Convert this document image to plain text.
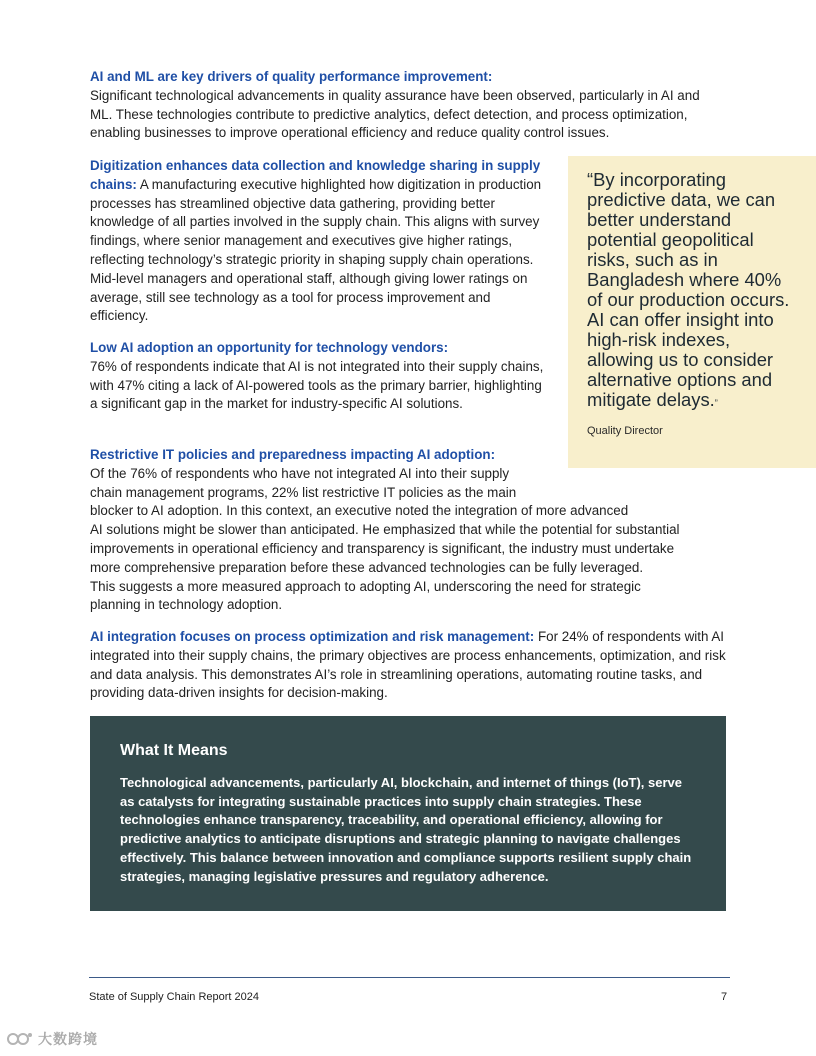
AI and ML are key drivers of quality performance improvement:
Significant technological advancements in quality assurance have been observed, particularly in AI and
ML. These technologies contribute to predictive analytics, defect detection, and process optimization,
enabling businesses to improve operational efficiency and reduce quality control issues.

Digitization enhances data collection and knowledge sharing in supply chains: A manufacturing executive highlighted how digitization in production processes has streamlined objective data gathering, providing better knowledge of all parties involved in the supply chain. This aligns with survey findings, where senior management and executives give higher ratings, reflecting technology’s strategic priority in shaping supply chain operations. Mid-level managers and operational staff, although giving lower ratings on average, still see technology as a tool for process improvement and efficiency.

Low AI adoption an opportunity for technology vendors:
76% of respondents indicate that AI is not integrated into their supply chains, with 47% citing a lack of AI-powered tools as the primary barrier, highlighting a significant gap in the market for industry-specific AI solutions.

Restrictive IT policies and preparedness impacting AI adoption:
Of the 76% of respondents who have not integrated AI into their supply
chain management programs, 22% list restrictive IT policies as the main
blocker to AI adoption. In this context, an executive noted the integration of more advanced
AI solutions might be slower than anticipated. He emphasized that while the potential for substantial
improvements in operational efficiency and transparency is significant, the industry must undertake
more comprehensive preparation before these advanced technologies can be fully leveraged.
This suggests a more measured approach to adopting AI, underscoring the need for strategic
planning in technology adoption.

AI integration focuses on process optimization and risk management: For 24% of respondents with AI integrated into their supply chains, the primary objectives are process enhancements, optimization, and risk and data analysis. This demonstrates AI’s role in streamlining operations, automating routine tasks, and providing data-driven insights for decision-making.

“By incorporating predictive data, we can better understand potential geopolitical risks, such as in Bangladesh where 40% of our production occurs. AI can offer insight into high-risk indexes, allowing us to consider alternative options and mitigate delays.”

Quality Director
What It Means

Technological advancements, particularly AI, blockchain, and internet of things (IoT), serve as catalysts for integrating sustainable practices into supply chain strategies. These technologies enhance transparency, traceability, and operational efficiency, allowing for predictive analytics to anticipate disruptions and strategic planning to navigate challenges effectively. This balance between innovation and compliance supports resilient supply chain strategies, managing legislative pressures and regulatory adherence.

State of Supply Chain Report 2024	7
大数跨境
